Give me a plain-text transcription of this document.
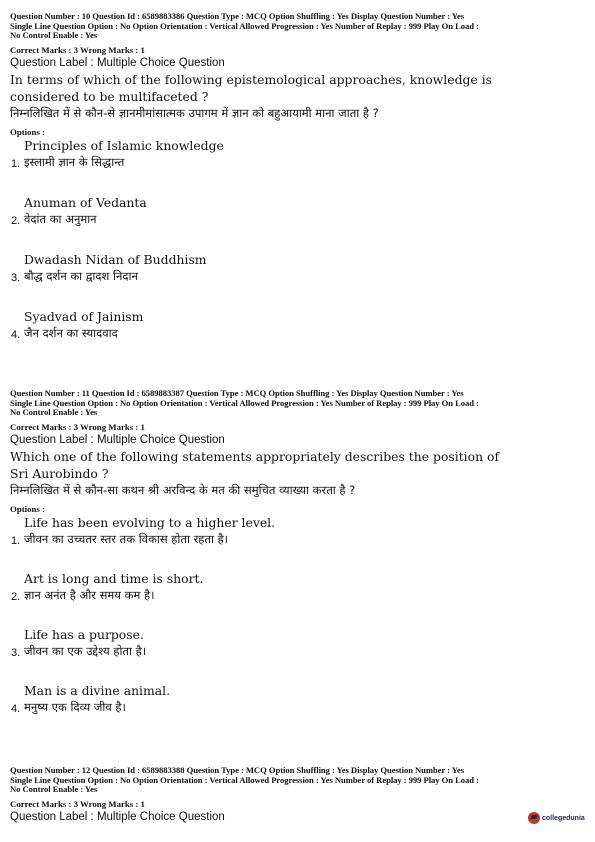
Question Number : 10 Question Id : 6589883386 Question Type : MCQ Option Shuffling : Yes Display Question Number : Yes
Single Line Question Option : No Option Orientation : Vertical Allowed Progression : Yes Number of Replay : 999 Play On Load :
No Control Enable : Yes
Correct Marks : 3 Wrong Marks : 1
Question Label : Multiple Choice Question
In terms of which of the following epistemological approaches, knowledge is
considered to be multifaceted ?
निम्नलिखित में से कौन-से ज्ञानमीमांसात्मक उपागम में ज्ञान को बहुआयामी माना जाता है ?
Options :
1.
Principles of Islamic knowledge
इस्लामी ज्ञान के सिद्धान्त
2.
Anuman of Vedanta
वेदांत का अनुमान
3.
Dwadash Nidan of Buddhism
बौद्ध दर्शन का द्वादश निदान
4.
Syadvad of Jainism
जैन दर्शन का स्यादवाद
Question Number : 11 Question Id : 6589883387 Question Type : MCQ Option Shuffling : Yes Display Question Number : Yes
Single Line Question Option : No Option Orientation : Vertical Allowed Progression : Yes Number of Replay : 999 Play On Load :
No Control Enable : Yes
Correct Marks : 3 Wrong Marks : 1
Question Label : Multiple Choice Question
Which one of the following statements appropriately describes the position of
Sri Aurobindo ?
निम्नलिखित में से कौन-सा कथन श्री अरविन्द के मत की समुचित व्याख्या करता है ?
Options :
1.
Life has been evolving to a higher level.
जीवन का उच्चतर स्तर तक विकास होता रहता है।
2.
Art is long and time is short.
ज्ञान अनंत है और समय कम है।
3.
Life has a purpose.
जीवन का एक उद्देश्य होता है।
4.
Man is a divine animal.
मनुष्य एक दिव्य जीव है।
Question Number : 12 Question Id : 6589883388 Question Type : MCQ Option Shuffling : Yes Display Question Number : Yes
Single Line Question Option : No Option Orientation : Vertical Allowed Progression : Yes Number of Replay : 999 Play On Load :
No Control Enable : Yes
Correct Marks : 3 Wrong Marks : 1
Question Label : Multiple Choice Question	collegedunia
